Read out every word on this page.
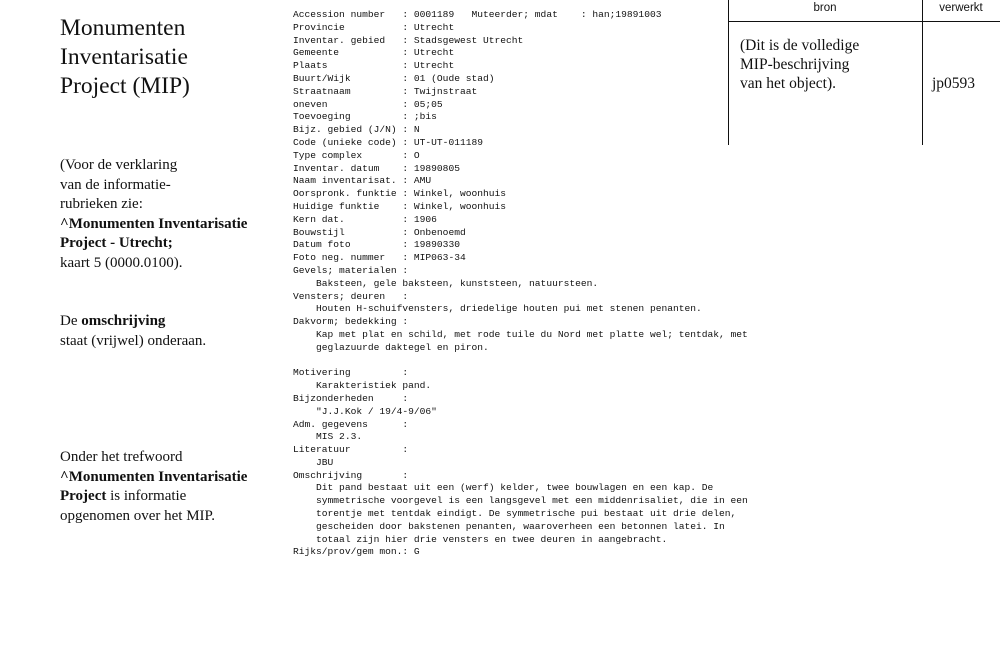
Monumenten
Inventarisatie
Project (MIP)
(Voor de verklaring
van de informatie-
rubrieken zie:
^Monumenten Inventarisatie
Project - Utrecht;
kaart 5 (0000.0100).
De omschrijving
staat (vrijwel) onderaan.
Onder het trefwoord
^Monumenten Inventarisatie
Project is informatie
opgenomen over het MIP.
Accession number   : 0001189   Muteerder; mdat    : han;19891003
Provincie          : Utrecht
Inventar. gebied   : Stadsgewest Utrecht
Gemeente           : Utrecht
Plaats             : Utrecht
Buurt/Wijk         : 01 (Oude stad)
Straatnaam         : Twijnstraat
oneven             : 05;05
Toevoeging         : ;bis
Bijz. gebied (J/N) : N
Code (unieke code) : UT-UT-011189
Type complex       : O
Inventar. datum    : 19890805
Naam inventarisat. : AMU
Oorspronk. funktie : Winkel, woonhuis
Huidige funktie    : Winkel, woonhuis
Kern dat.          : 1906
Bouwstijl          : Onbenoemd
Datum foto         : 19890330
Foto neg. nummer   : MIP063-34
Gevels; materialen :
Baksteen, gele baksteen, kunststeen, natuursteen.
Vensters; deuren   :
Houten H-schuifvensters, driedelige houten pui met stenen penanten.
Dakvorm; bedekking :
Kap met plat en schild, met rode tuile du Nord met platte wel; tentdak, met
geglazuurde daktegel en piron.
Motivering         :
Karakteristiek pand.
Bijzonderheden     :
"J.J.Kok / 19/4-9/06"
Adm. gegevens      :
MIS 2.3.
Literatuur         :
JBU
Omschrijving       :
Dit pand bestaat uit een (werf) kelder, twee bouwlagen en een kap. De
symmetrische voorgevel is een langsgevel met een middenrisaliet, die in een
torentje met tentdak eindigt. De symmetrische pui bestaat uit drie delen,
gescheiden door bakstenen penanten, waaroverheen een betonnen latei. In
totaal zijn hier drie vensters en twee deuren in aangebracht.
Rijks/prov/gem mon.: G
bron	verwerkt
(Dit is de volledige
MIP-beschrijving
van het object).	jp0593
